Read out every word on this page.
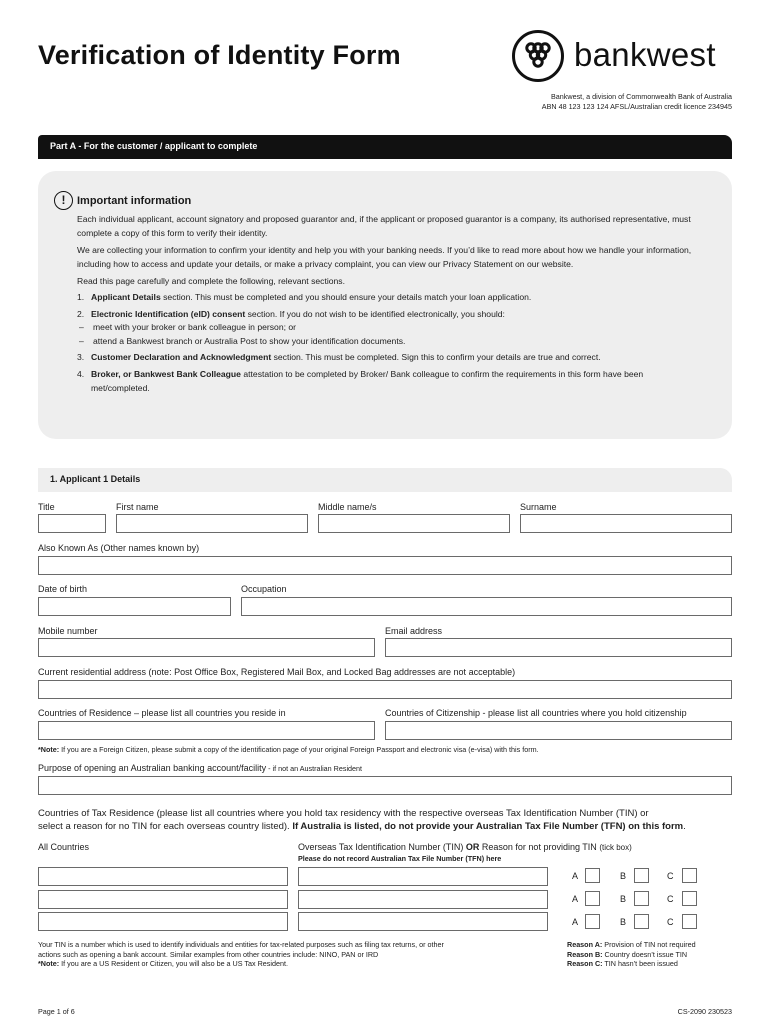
Verification of Identity Form	bankwest
Bankwest, a division of Commonwealth Bank of Australia
ABN 48 123 123 124 AFSL/Australian credit licence 234945
Part A - For the customer / applicant to complete
!	Important information

Each individual applicant, account signatory and proposed guarantor and, if the applicant or proposed guarantor is a company, its authorised representative, must complete a copy of this form to verify their identity.

We are collecting your information to confirm your identity and help you with your banking needs. If you’d like to read more about how we handle your information, including how to access and update your details, or make a privacy complaint, you can view our Privacy Statement on our website.

Read this page carefully and complete the following, relevant sections.

1. Applicant Details section. This must be completed and you should ensure your details match your loan application.
2. Electronic Identification (eID) consent section. If you do not wish to be identified electronically, you should:
– meet with your broker or bank colleague in person; or
– attend a Bankwest branch or Australia Post to show your identification documents.
3. Customer Declaration and Acknowledgment section. This must be completed. Sign this to confirm your details are true and correct.
4. Broker, or Bankwest Bank Colleague attestation to be completed by Broker/ Bank colleague to confirm the requirements in this form have been met/completed.
1. Applicant 1 Details
Title	First name	Middle name/s	Surname
Also Known As (Other names known by)
Date of birth	Occupation
Mobile number	Email address
Current residential address (note: Post Office Box, Registered Mail Box, and Locked Bag addresses are not acceptable)
Countries of Residence – please list all countries you reside in	Countries of Citizenship - please list all countries where you hold citizenship
*Note: If you are a Foreign Citizen, please submit a copy of the identification page of your original Foreign Passport and electronic visa (e-visa) with this form.
Purpose of opening an Australian banking account/facility - if not an Australian Resident
Countries of Tax Residence (please list all countries where you hold tax residency with the respective overseas Tax Identification Number (TIN) or
select a reason for no TIN for each overseas country listed). If Australia is listed, do not provide your Australian Tax File Number (TFN) on this form.
All Countries	Overseas Tax Identification Number (TIN) OR Reason for not providing TIN (tick box)
Please do not record Australian Tax File Number (TFN) here
A	B	C
A	B	C
A	B	C
Your TIN is a number which is used to identify individuals and entities for tax-related purposes such as filing tax returns, or other
actions such as opening a bank account. Similar examples from other countries include: NINO, PAN or IRD
*Note: If you are a US Resident or Citizen, you will also be a US Tax Resident.
Reason A: Provision of TIN not required
Reason B: Country doesn’t issue TIN
Reason C: TIN hasn’t been issued
Page 1 of 6	CS-2090 230523
